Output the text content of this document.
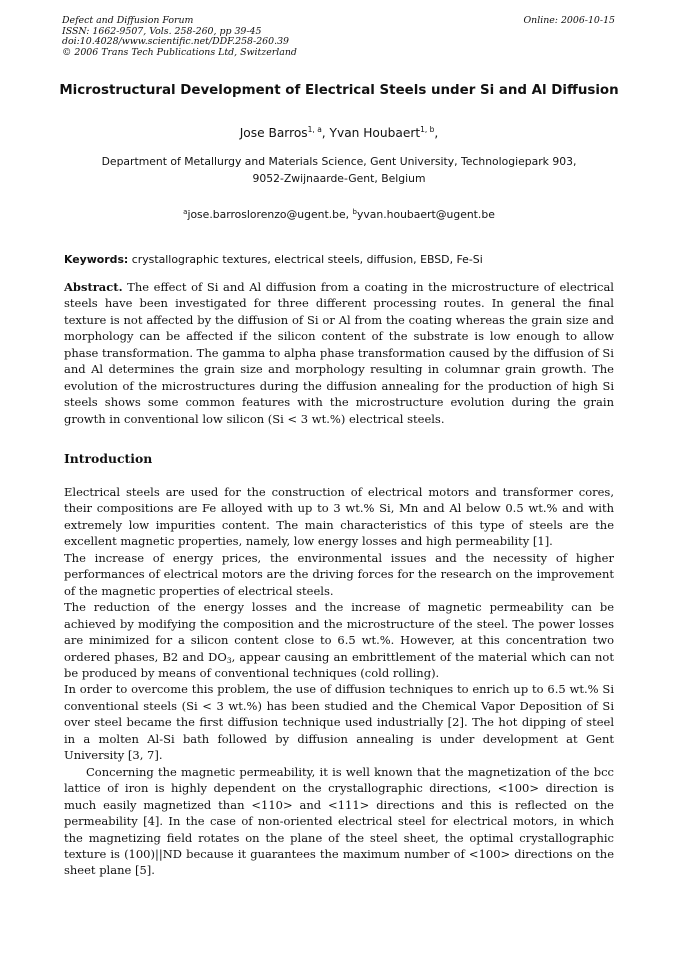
Defect and Diffusion Forum
ISSN: 1662-9507, Vols. 258-260, pp 39-45
doi:10.4028/www.scientific.net/DDF.258-260.39
© 2006 Trans Tech Publications Ltd, Switzerland
Online: 2006-10-15
Microstructural Development of Electrical Steels under Si and Al Diffusion
Jose Barros$^{1, a}$, Yvan Houbaert$^{1, b}$,
Department of Metallurgy and Materials Science, Gent University, Technologiepark 903,
9052-Zwijnaarde-Gent, Belgium
$^a$jose.barroslorenzo@ugent.be, $^b$yvan.houbaert@ugent.be
Keywords: crystallographic textures, electrical steels, diffusion, EBSD, Fe-Si
Abstract. The effect of Si and Al diffusion from a coating in the microstructure of electrical steels have been investigated for three different processing routes. In general the final texture is not affected by the diffusion of Si or Al from the coating whereas the grain size and morphology can be affected if the silicon content of the substrate is low enough to allow phase transformation. The gamma to alpha phase transformation caused by the diffusion of Si and Al determines the grain size and morphology resulting in columnar grain growth. The evolution of the microstructures during the diffusion annealing for the production of high Si steels shows some common features with the microstructure evolution during the grain growth in conventional low silicon (Si < 3 wt.%) electrical steels.
Introduction

Electrical steels are used for the construction of electrical motors and transformer cores, their compositions are Fe alloyed with up to 3 wt.% Si, Mn and Al below 0.5 wt.% and with extremely low impurities content. The main characteristics of this type of steels are the excellent magnetic properties, namely, low energy losses and high permeability [1].

The increase of energy prices, the environmental issues and the necessity of higher performances of electrical motors are the driving forces for the research on the improvement of the magnetic properties of electrical steels.

The reduction of the energy losses and the increase of magnetic permeability can be achieved by modifying the composition and the microstructure of the steel. The power losses are minimized for a silicon content close to 6.5 wt.%. However, at this concentration two ordered phases, B2 and $DO_3$, appear causing an embrittlement of the material which can not be produced by means of conventional techniques (cold rolling).

In order to overcome this problem, the use of diffusion techniques to enrich up to 6.5 wt.% Si conventional steels (Si < 3 wt.%) has been studied and the Chemical Vapor Deposition of Si over steel became the first diffusion technique used industrially [2]. The hot dipping of steel in a molten Al-Si bath followed by diffusion annealing is under development at Gent University [3, 7].

Concerning the magnetic permeability, it is well known that the magnetization of the bcc lattice of iron is highly dependent on the crystallographic directions, <100> direction is much easily magnetized than <110> and <111> directions and this is reflected on the permeability [4]. In the case of non-oriented electrical steel for electrical motors, in which the magnetizing field rotates on the plane of the steel sheet, the optimal crystallographic texture is (100)||ND because it guarantees the maximum number of <100> directions on the sheet plane [5].
